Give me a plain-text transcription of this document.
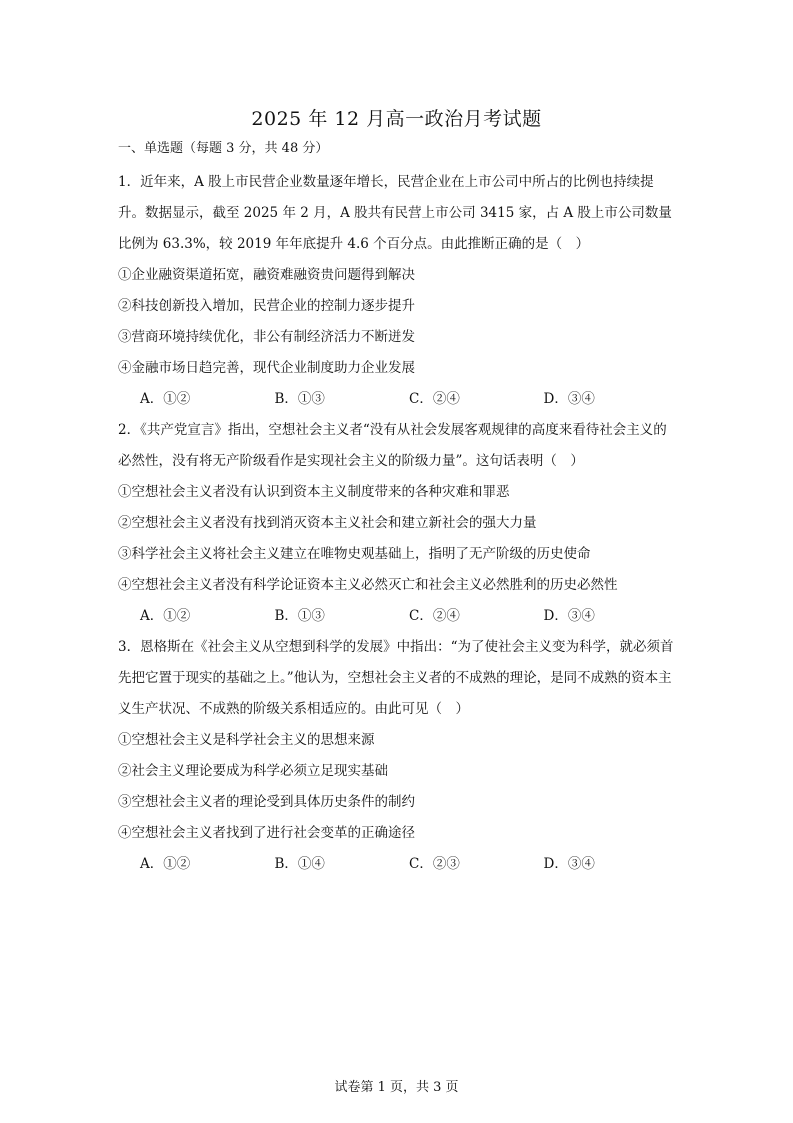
2025 年 12 月高一政治月考试题
一、单选题（每题 3 分，共 48 分）

1．近年来，A 股上市民营企业数量逐年增长，民营企业在上市公司中所占的比例也持续提升。数据显示，截至 2025 年 2 月，A 股共有民营上市公司 3415 家，占 A 股上市公司数量比例为 63.3%，较 2019 年年底提升 4.6 个百分点。由此推断正确的是（　）

①企业融资渠道拓宽，融资难融资贵问题得到解决

②科技创新投入增加，民营企业的控制力逐步提升

③营商环境持续优化，非公有制经济活力不断迸发

④金融市场日趋完善，现代企业制度助力企业发展

A．①②	B．①③	C．②④	D．③④

2．《共产党宣言》指出，空想社会主义者“没有从社会发展客观规律的高度来看待社会主义的必然性，没有将无产阶级看作是实现社会主义的阶级力量”。这句话表明（　）

①空想社会主义者没有认识到资本主义制度带来的各种灾难和罪恶

②空想社会主义者没有找到消灭资本主义社会和建立新社会的强大力量

③科学社会主义将社会主义建立在唯物史观基础上，指明了无产阶级的历史使命

④空想社会主义者没有科学论证资本主义必然灭亡和社会主义必然胜利的历史必然性

A．①②	B．①③	C．②④	D．③④

3．恩格斯在《社会主义从空想到科学的发展》中指出：“为了使社会主义变为科学，就必须首先把它置于现实的基础之上。”他认为，空想社会主义者的不成熟的理论，是同不成熟的资本主义生产状况、不成熟的阶级关系相适应的。由此可见（　）

①空想社会主义是科学社会主义的思想来源

②社会主义理论要成为科学必须立足现实基础

③空想社会主义者的理论受到具体历史条件的制约

④空想社会主义者找到了进行社会变革的正确途径

A．①②	B．①④	C．②③	D．③④
试卷第 1 页，共 3 页
